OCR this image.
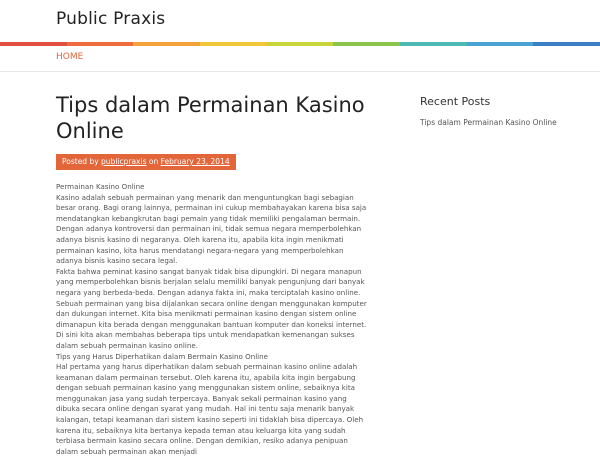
Public Praxis
HOME
Tips dalam Permainan Kasino Online
Posted by publicpraxis on February 23, 2014

Permainan Kasino Online

Kasino adalah sebuah permainan yang menarik dan menguntungkan bagi sebagian besar orang. Bagi orang lainnya, permainan ini cukup membahayakan karena bisa saja mendatangkan kebangkrutan bagi pemain yang tidak memiliki pengalaman bermain. Dengan adanya kontroversi dan permainan ini, tidak semua negara memperbolehkan adanya bisnis kasino di negaranya. Oleh karena itu, apabila kita ingin menikmati permainan kasino, kita harus mendatangi negara-negara yang memperbolehkan adanya bisnis kasino secara legal.

Fakta bahwa peminat kasino sangat banyak tidak bisa dipungkiri. Di negara manapun yang memperbolehkan bisnis berjalan selalu memiliki banyak pengunjung dari banyak negara yang berbeda-beda. Dengan adanya fakta ini, maka terciptalah kasino online. Sebuah permainan yang bisa dijalankan secara online dengan menggunakan komputer dan dukungan internet. Kita bisa menikmati permainan kasino dengan sistem online dimanapun kita berada dengan menggunakan bantuan komputer dan koneksi internet. Di sini kita akan membahas beberapa tips untuk mendapatkan kemenangan sukses dalam sebuah permainan kasino online.

Tips yang Harus Diperhatikan dalam Bermain Kasino Online

Hal pertama yang harus diperhatikan dalam sebuah permainan kasino online adalah keamanan dalam permainan tersebut. Oleh karena itu, apabila kita ingin bergabung dengan sebuah permainan kasino yang menggunakan sistem online, sebaiknya kita menggunakan jasa yang sudah terpercaya. Banyak sekali permainan kasino yang dibuka secara online dengan syarat yang mudah. Hal ini tentu saja menarik banyak kalangan, tetapi keamanan dari sistem kasino seperti ini tidaklah bisa dipercaya. Oleh karena itu, sebaiknya kita bertanya kepada teman atau keluarga kita yang sudah terbiasa bermain kasino secara online. Dengan demikian, resiko adanya penipuan dalam sebuah permainan akan menjadi

Recent Posts
Tips dalam Permainan Kasino Online
